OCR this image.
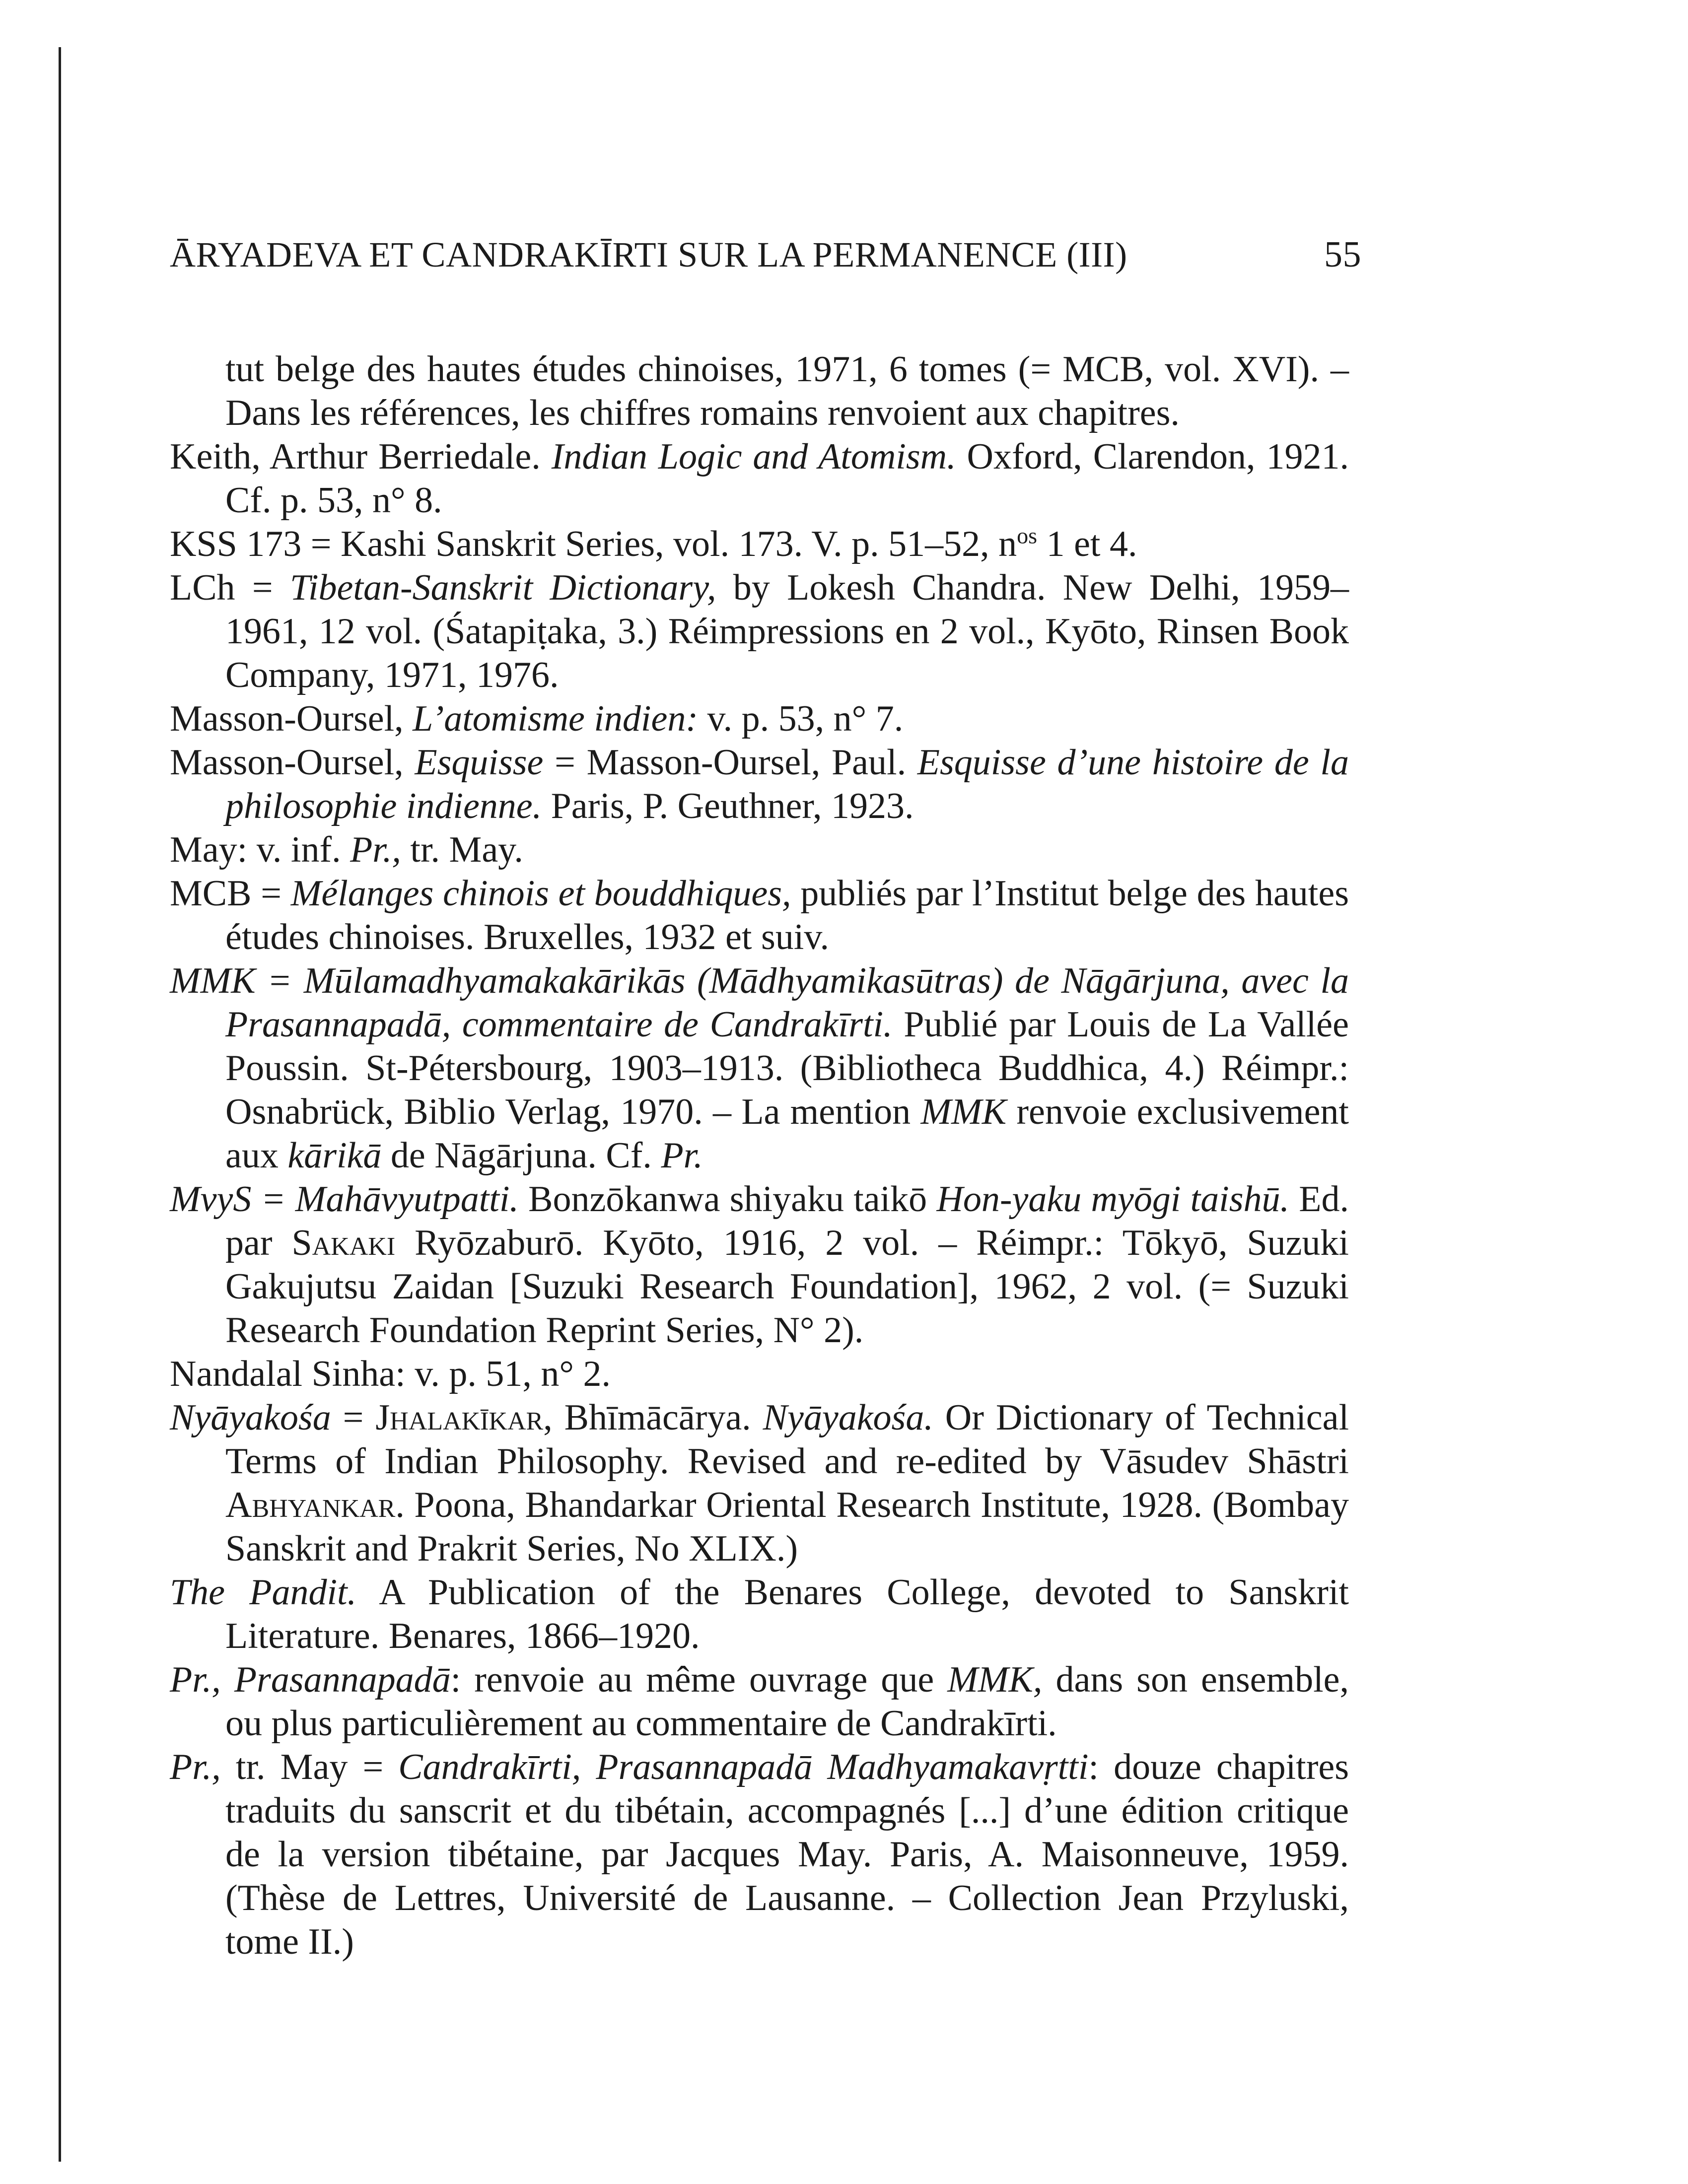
ĀRYADEVA ET CANDRAKĪRTI SUR LA PERMANENCE (III)	55

tut belge des hautes études chinoises, 1971, 6 tomes (= MCB, vol. XVI). – Dans les références, les chiffres romains renvoient aux chapitres.

Keith, Arthur Berriedale. Indian Logic and Atomism. Oxford, Clarendon, 1921. Cf. p. 53, n° 8.

KSS 173 = Kashi Sanskrit Series, vol. 173. V. p. 51–52, $n^{os}$ 1 et 4.

LCh = Tibetan-Sanskrit Dictionary, by Lokesh Chandra. New Delhi, 1959–1961, 12 vol. (Śatapiṭaka, 3.) Réimpressions en 2 vol., Kyōto, Rinsen Book Company, 1971, 1976.

Masson-Oursel, L’atomisme indien: v. p. 53, n° 7.

Masson-Oursel, Esquisse = Masson-Oursel, Paul. Esquisse d’une histoire de la philosophie indienne. Paris, P. Geuthner, 1923.

May: v. inf. Pr., tr. May.

MCB = Mélanges chinois et bouddhiques, publiés par l’Institut belge des hautes études chinoises. Bruxelles, 1932 et suiv.

MMK = Mūlamadhyamakakārikās (Mādhyamikasūtras) de Nāgārjuna, avec la Prasannapadā, commentaire de Candrakīrti. Publié par Louis de La Vallée Poussin. St-Pétersbourg, 1903–1913. (Bibliotheca Buddhica, 4.) Réimpr.: Osnabrück, Biblio Verlag, 1970. – La mention MMK renvoie exclusivement aux kārikā de Nāgārjuna. Cf. Pr.

MvyS = Mahāvyutpatti. Bonzōkanwa shiyaku taikō Hon-yaku myōgi taishū. Ed. par Sakaki Ryōzaburō. Kyōto, 1916, 2 vol. – Réimpr.: Tōkyō, Suzuki Gakujutsu Zaidan [Suzuki Research Foundation], 1962, 2 vol. (= Suzuki Research Foundation Reprint Series, N° 2).

Nandalal Sinha: v. p. 51, n° 2.

Nyāyakośa = Jhalakīkar, Bhīmācārya. Nyāyakośa. Or Dictionary of Technical Terms of Indian Philosophy. Revised and re-edited by Vāsudev Shāstri Abhyankar. Poona, Bhandarkar Oriental Research Institute, 1928. (Bombay Sanskrit and Prakrit Series, No XLIX.)

The Pandit. A Publication of the Benares College, devoted to Sanskrit Literature. Benares, 1866–1920.

Pr., Prasannapadā: renvoie au même ouvrage que MMK, dans son ensemble, ou plus particulièrement au commentaire de Candrakīrti.

Pr., tr. May = Candrakīrti, Prasannapadā Madhyamakavṛtti: douze chapitres traduits du sanscrit et du tibétain, accompagnés [...] d’une édition critique de la version tibétaine, par Jacques May. Paris, A. Maisonneuve, 1959. (Thèse de Lettres, Université de Lausanne. – Collection Jean Przyluski, tome II.)
